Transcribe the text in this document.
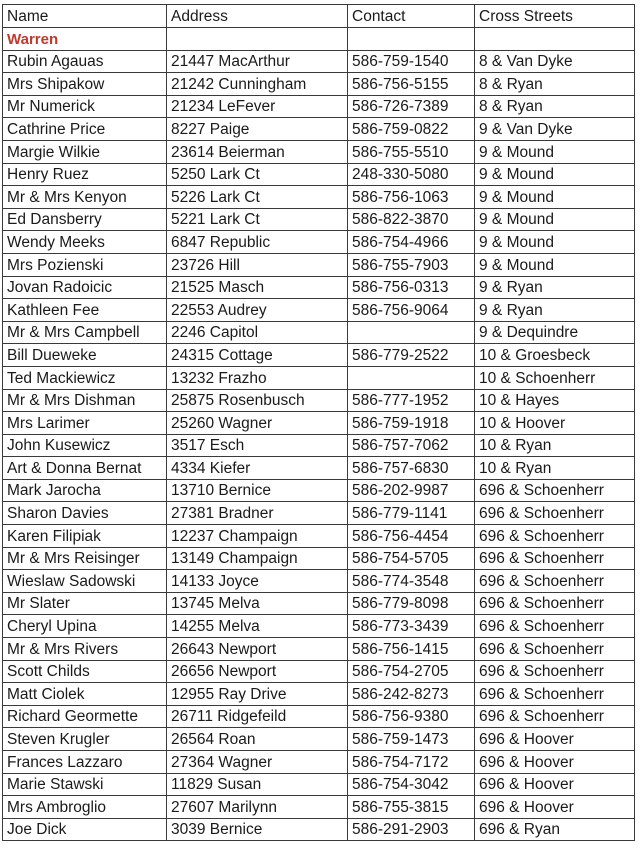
Name	Address	Contact	Cross Streets
Warren			
Rubin Agauas	21447 MacArthur	586-759-1540	8 & Van Dyke
Mrs Shipakow	21242 Cunningham	586-756-5155	8 & Ryan
Mr Numerick	21234 LeFever	586-726-7389	8 & Ryan
Cathrine Price	8227 Paige	586-759-0822	9 & Van Dyke
Margie Wilkie	23614 Beierman	586-755-5510	9 & Mound
Henry Ruez	5250 Lark Ct	248-330-5080	9 & Mound
Mr & Mrs Kenyon	5226 Lark Ct	586-756-1063	9 & Mound
Ed Dansberry	5221 Lark Ct	586-822-3870	9 & Mound
Wendy Meeks	6847 Republic	586-754-4966	9 & Mound
Mrs Pozienski	23726 Hill	586-755-7903	9 & Mound
Jovan Radoicic	21525 Masch	586-756-0313	9 & Ryan
Kathleen Fee	22553 Audrey	586-756-9064	9 & Ryan
Mr & Mrs Campbell	2246 Capitol		9 & Dequindre
Bill Dueweke	24315 Cottage	586-779-2522	10 & Groesbeck
Ted Mackiewicz	13232 Frazho		10 & Schoenherr
Mr & Mrs Dishman	25875 Rosenbusch	586-777-1952	10 & Hayes
Mrs Larimer	25260 Wagner	586-759-1918	10 & Hoover
John Kusewicz	3517 Esch	586-757-7062	10 & Ryan
Art & Donna Bernat	4334 Kiefer	586-757-6830	10 & Ryan
Mark Jarocha	13710 Bernice	586-202-9987	696 & Schoenherr
Sharon Davies	27381 Bradner	586-779-1141	696 & Schoenherr
Karen Filipiak	12237 Champaign	586-756-4454	696 & Schoenherr
Mr & Mrs Reisinger	13149 Champaign	586-754-5705	696 & Schoenherr
Wieslaw Sadowski	14133 Joyce	586-774-3548	696 & Schoenherr
Mr Slater	13745 Melva	586-779-8098	696 & Schoenherr
Cheryl Upina	14255 Melva	586-773-3439	696 & Schoenherr
Mr & Mrs Rivers	26643 Newport	586-756-1415	696 & Schoenherr
Scott Childs	26656 Newport	586-754-2705	696 & Schoenherr
Matt Ciolek	12955 Ray Drive	586-242-8273	696 & Schoenherr
Richard Geormette	26711 Ridgefeild	586-756-9380	696 & Schoenherr
Steven Krugler	26564 Roan	586-759-1473	696 & Hoover
Frances Lazzaro	27364 Wagner	586-754-7172	696 & Hoover
Marie Stawski	11829 Susan	586-754-3042	696 & Hoover
Mrs Ambroglio	27607 Marilynn	586-755-3815	696 & Hoover
Joe Dick	3039 Bernice	586-291-2903	696 & Ryan
